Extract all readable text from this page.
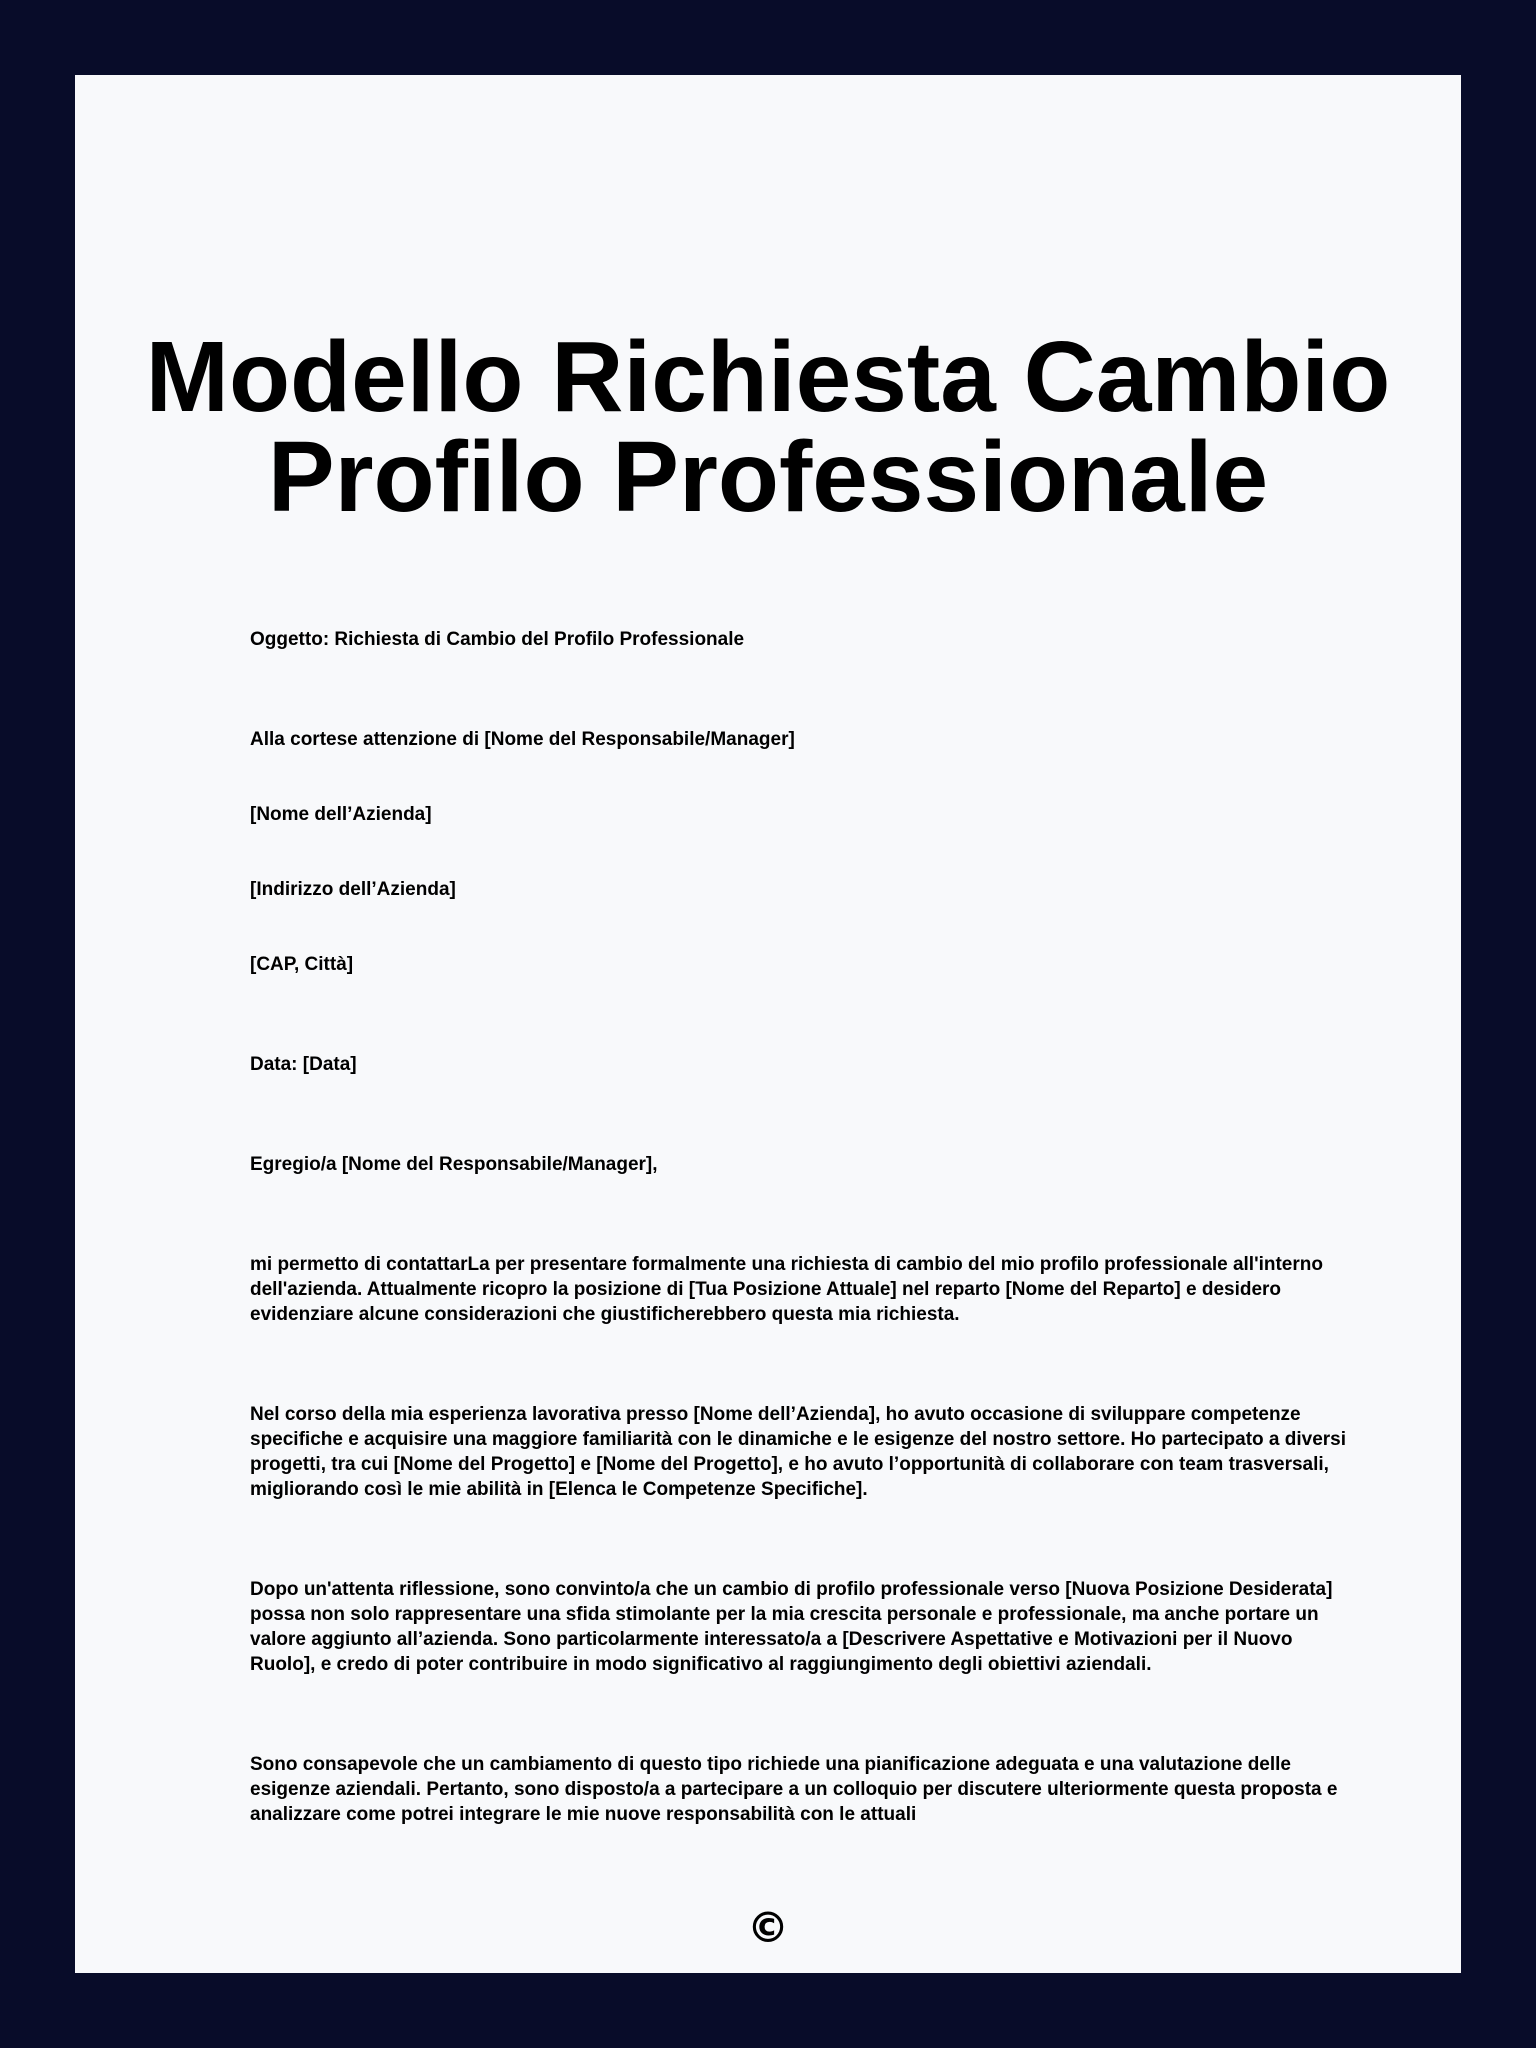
Modello Richiesta Cambio Profilo Professionale

Oggetto: Richiesta di Cambio del Profilo Professionale

Alla cortese attenzione di [Nome del Responsabile/Manager]

[Nome dell’Azienda]

[Indirizzo dell’Azienda]

[CAP, Città]

Data: [Data]

Egregio/a [Nome del Responsabile/Manager],

mi permetto di contattarLa per presentare formalmente una richiesta di cambio del mio profilo professionale all'interno dell'azienda. Attualmente ricopro la posizione di [Tua Posizione Attuale] nel reparto [Nome del Reparto] e desidero evidenziare alcune considerazioni che giustificherebbero questa mia richiesta.

Nel corso della mia esperienza lavorativa presso [Nome dell’Azienda], ho avuto occasione di sviluppare competenze specifiche e acquisire una maggiore familiarità con le dinamiche e le esigenze del nostro settore. Ho partecipato a diversi progetti, tra cui [Nome del Progetto] e [Nome del Progetto], e ho avuto l’opportunità di collaborare con team trasversali, migliorando così le mie abilità in [Elenca le Competenze Specifiche].

Dopo un'attenta riflessione, sono convinto/a che un cambio di profilo professionale verso [Nuova Posizione Desiderata] possa non solo rappresentare una sfida stimolante per la mia crescita personale e professionale, ma anche portare un valore aggiunto all’azienda. Sono particolarmente interessato/a a [Descrivere Aspettative e Motivazioni per il Nuovo Ruolo], e credo di poter contribuire in modo significativo al raggiungimento degli obiettivi aziendali.

Sono consapevole che un cambiamento di questo tipo richiede una pianificazione adeguata e una valutazione delle esigenze aziendali. Pertanto, sono disposto/a a partecipare a un colloquio per discutere ulteriormente questa proposta e analizzare come potrei integrare le mie nuove responsabilità con le attuali

©
